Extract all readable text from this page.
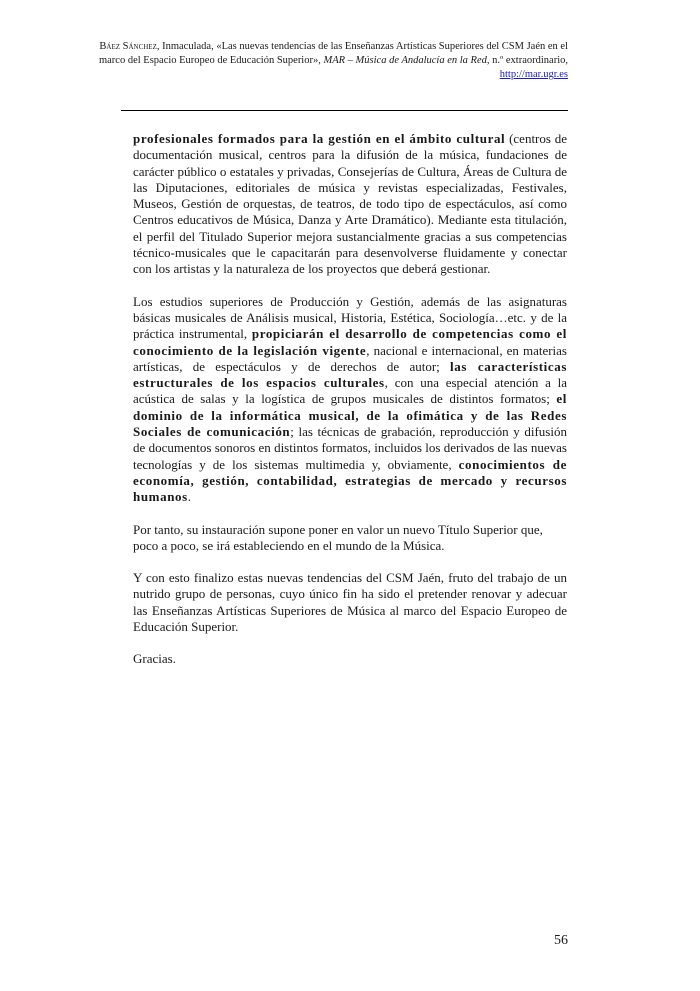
Báez Sánchez, Inmaculada, «Las nuevas tendencias de las Enseñanzas Artísticas Superiores del CSM Jaén en el marco del Espacio Europeo de Educación Superior», MAR – Música de Andalucía en la Red, n.º extraordinario, http://mar.ugr.es

profesionales formados para la gestión en el ámbito cultural (centros de documentación musical, centros para la difusión de la música, fundaciones de carácter público o estatales y privadas, Consejerías de Cultura, Áreas de Cultura de las Diputaciones, editoriales de música y revistas especializadas, Festivales, Museos, Gestión de orquestas, de teatros, de todo tipo de espectáculos, así como Centros educativos de Música, Danza y Arte Dramático). Mediante esta titulación, el perfil del Titulado Superior mejora sustancialmente gracias a sus competencias técnico-musicales que le capacitarán para desenvolverse fluidamente y conectar con los artistas y la naturaleza de los proyectos que deberá gestionar.

Los estudios superiores de Producción y Gestión, además de las asignaturas básicas musicales de Análisis musical, Historia, Estética, Sociología…etc. y de la práctica instrumental, propiciarán el desarrollo de competencias como el conocimiento de la legislación vigente, nacional e internacional, en materias artísticas, de espectáculos y de derechos de autor; las características estructurales de los espacios culturales, con una especial atención a la acústica de salas y la logística de grupos musicales de distintos formatos; el dominio de la informática musical, de la ofimática y de las Redes Sociales de comunicación; las técnicas de grabación, reproducción y difusión de documentos sonoros en distintos formatos, incluidos los derivados de las nuevas tecnologías y de los sistemas multimedia y, obviamente, conocimientos de economía, gestión, contabilidad, estrategias de mercado y recursos humanos.

Por tanto, su instauración supone poner en valor un nuevo Título Superior que, poco a poco, se irá estableciendo en el mundo de la Música.

Y con esto finalizo estas nuevas tendencias del CSM Jaén, fruto del trabajo de un nutrido grupo de personas, cuyo único fin ha sido el pretender renovar y adecuar las Enseñanzas Artísticas Superiores de Música al marco del Espacio Europeo de Educación Superior.

Gracias.

56
